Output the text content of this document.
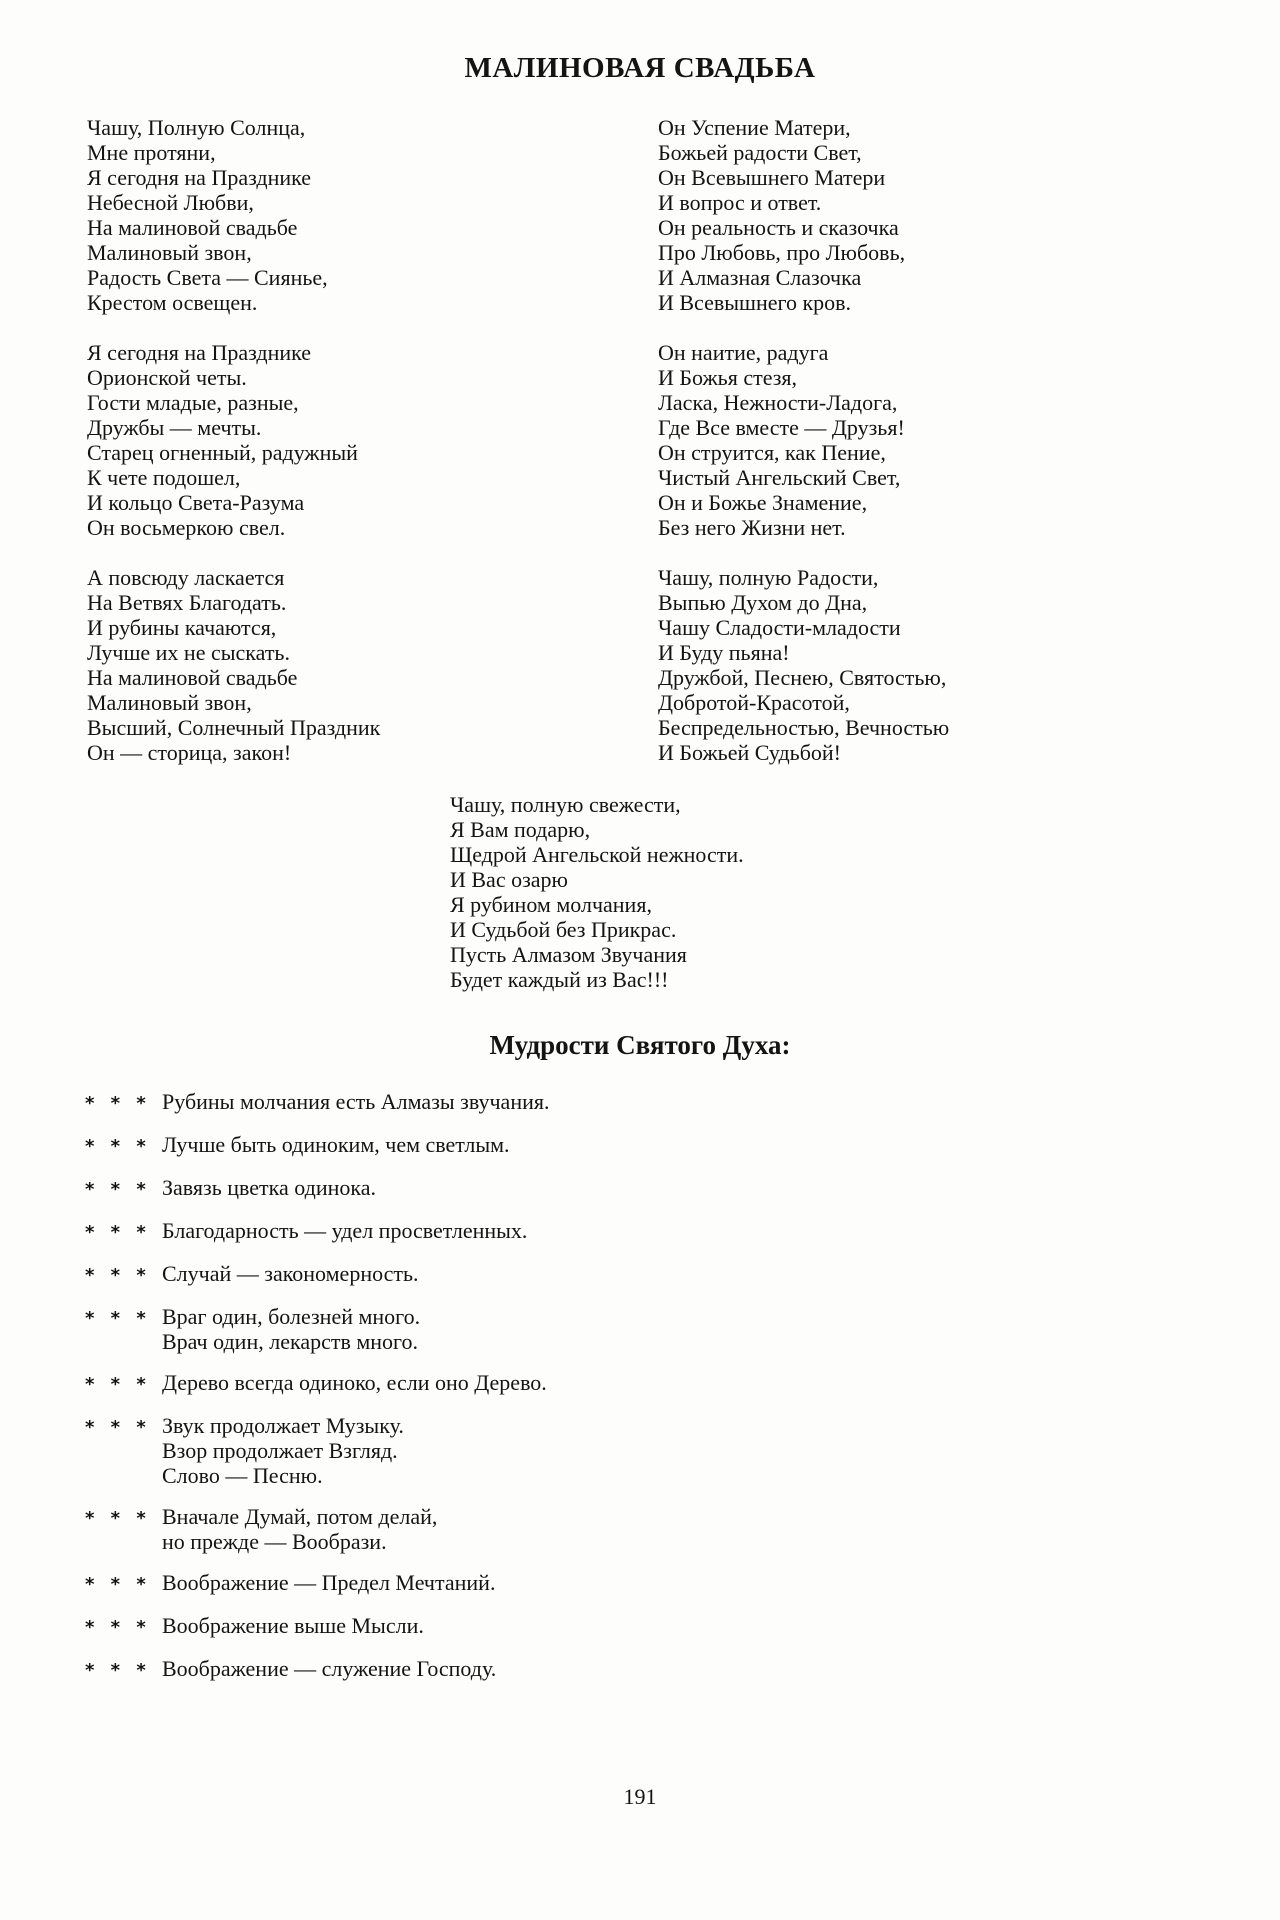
МАЛИНОВАЯ СВАДЬБА
Чашу, Полную Солнца,
Мне протяни,
Я сегодня на Празднике
Небесной Любви,
На малиновой свадьбе
Малиновый звон,
Радость Света — Сиянье,
Крестом освещен.
Я сегодня на Празднике
Орионской четы.
Гости младые, разные,
Дружбы — мечты.
Старец огненный, радужный
К чете подошел,
И кольцо Света-Разума
Он восьмеркою свел.
А повсюду ласкается
На Ветвях Благодать.
И рубины качаются,
Лучше их не сыскать.
На малиновой свадьбе
Малиновый звон,
Высший, Солнечный Праздник
Он — сторица, закон!
Он Успение Матери,
Божьей радости Свет,
Он Всевышнего Матери
И вопрос и ответ.
Он реальность и сказочка
Про Любовь, про Любовь,
И Алмазная Слазочка
И Всевышнего кров.
Он наитие, радуга
И Божья стезя,
Ласка, Нежности-Ладога,
Где Все вместе — Друзья!
Он струится, как Пение,
Чистый Ангельский Свет,
Он и Божье Знамение,
Без него Жизни нет.
Чашу, полную Радости,
Выпью Духом до Дна,
Чашу Сладости-младости
И Буду пьяна!
Дружбой, Песнею, Святостью,
Добротой-Красотой,
Беспредельностью, Вечностью
И Божьей Судьбой!
Чашу, полную свежести,
Я Вам подарю,
Щедрой Ангельской нежности.
И Вас озарю
Я рубином молчания,
И Судьбой без Прикрас.
Пусть Алмазом Звучания
Будет каждый из Вас!!!
Мудрости Святого Духа:
* * * Рубины молчания есть Алмазы звучания.
* * * Лучше быть одиноким, чем светлым.
* * * Завязь цветка одинока.
* * * Благодарность — удел просветленных.
* * * Случай — закономерность.
* * * Враг один, болезней много.
Врач один, лекарств много.
* * * Дерево всегда одиноко, если оно Дерево.
* * * Звук продолжает Музыку.
Взор продолжает Взгляд.
Слово — Песню.
* * * Вначале Думай, потом делай,
но прежде — Вообрази.
* * * Воображение — Предел Мечтаний.
* * * Воображение выше Мысли.
* * * Воображение — служение Господу.
191
